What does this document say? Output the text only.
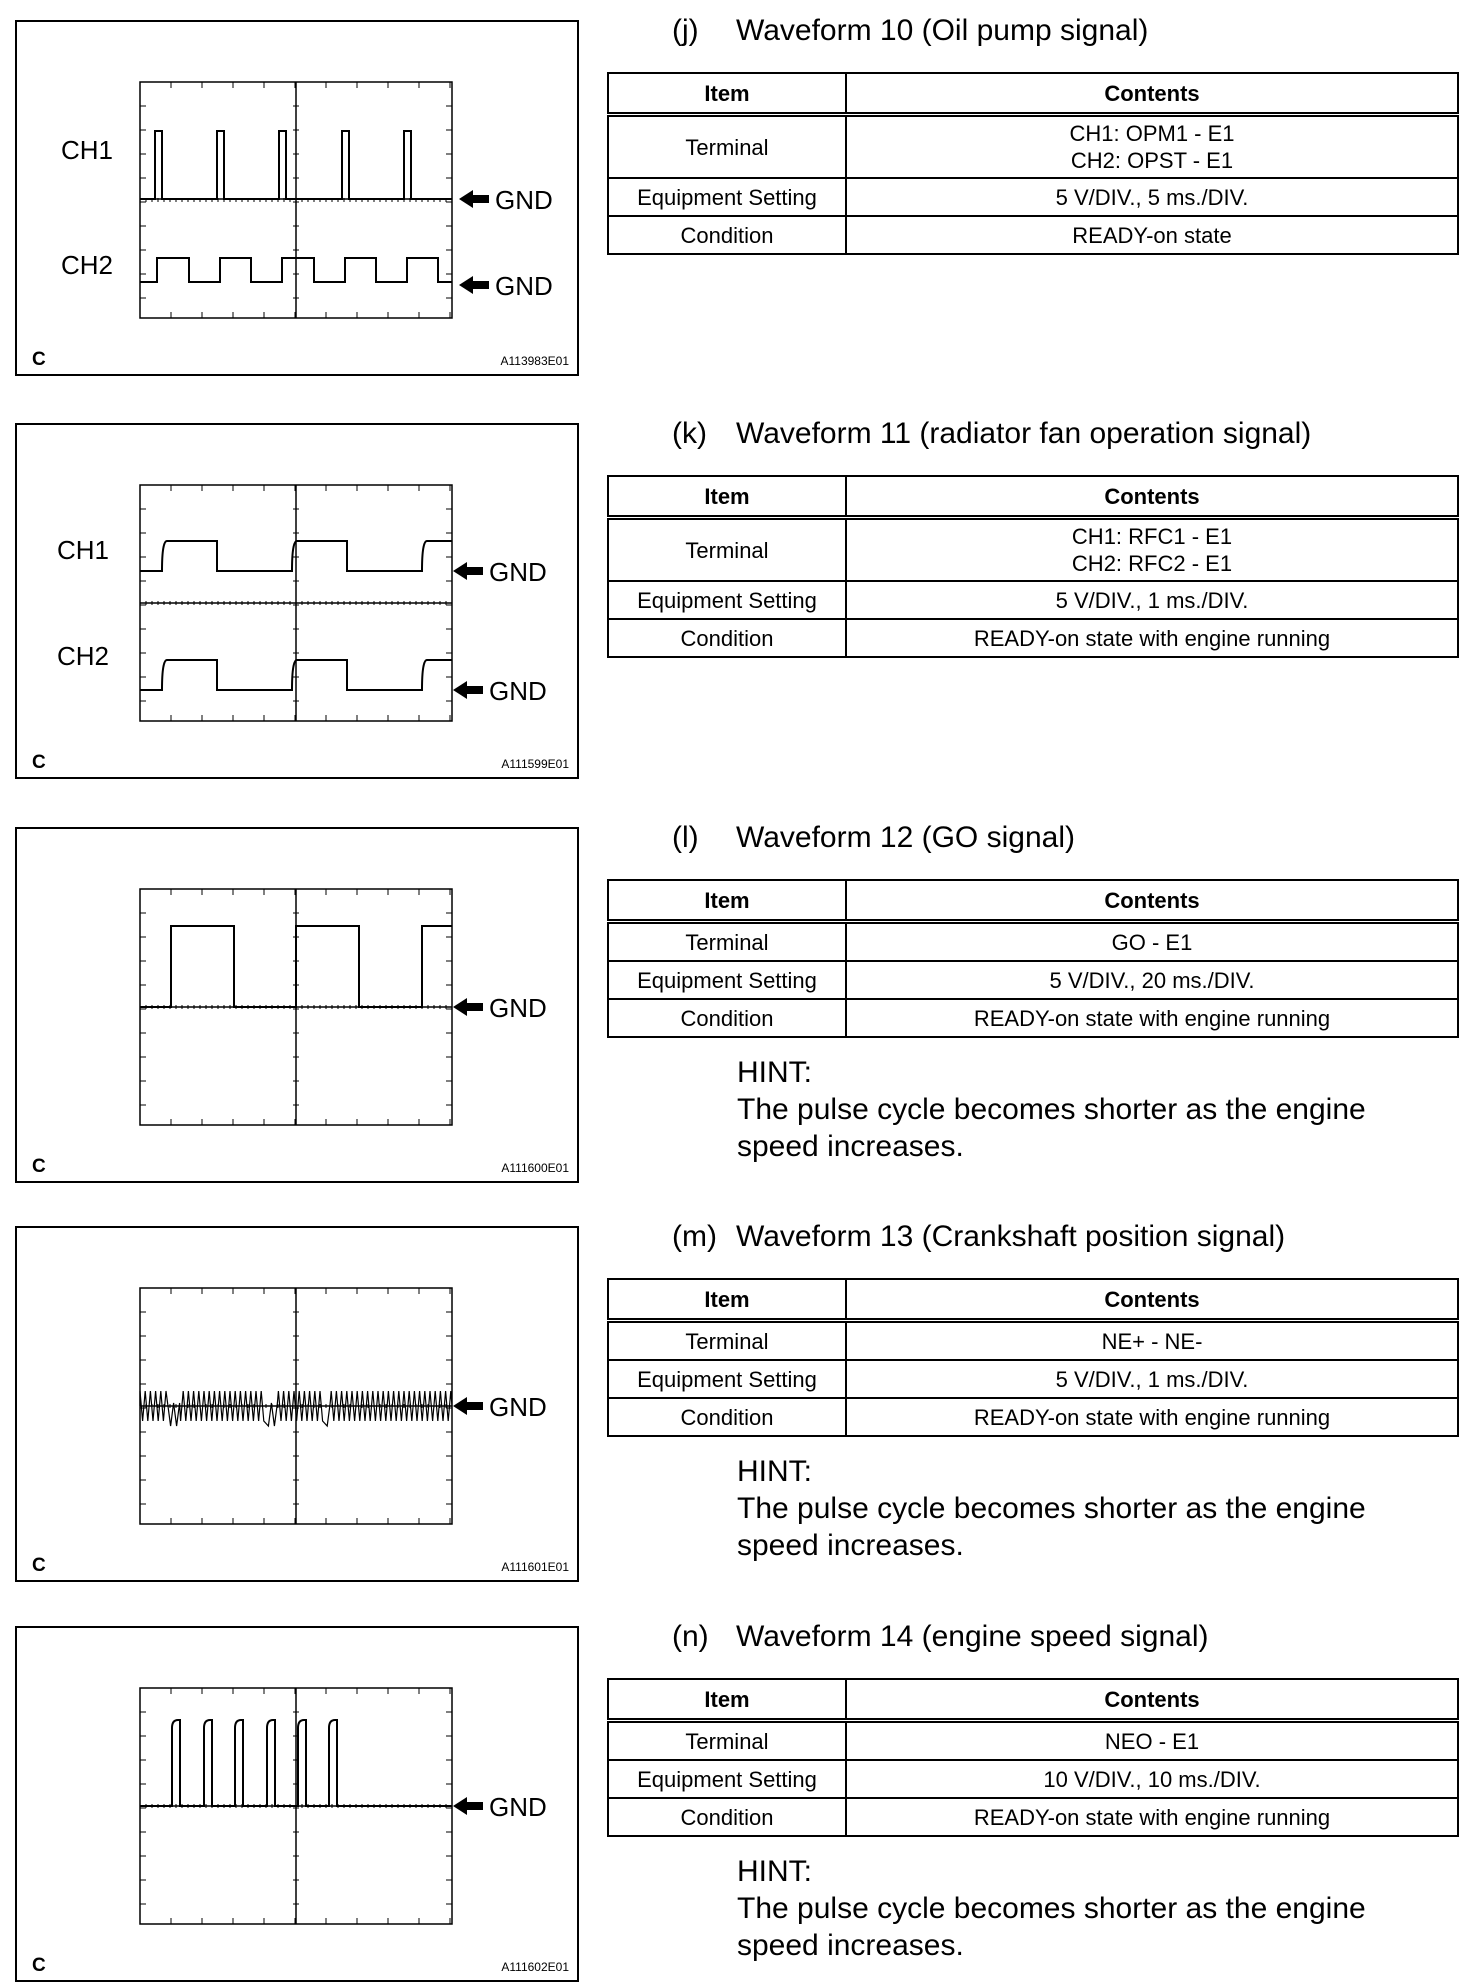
CH1
CH2
GND
GND
C	A113983E01
(j) Waveform 10 (Oil pump signal)
Item	Contents
Terminal	CH1: OPM1 - E1
CH2: OPST - E1

Equipment Setting	5 V/DIV., 5 ms./DIV.
Condition	READY-on state
CH1
CH2
GND
GND
C	A111599E01
(k) Waveform 11 (radiator fan operation signal)
Item	Contents
Terminal	CH1: RFC1 - E1
CH2: RFC2 - E1

Equipment Setting	5 V/DIV., 1 ms./DIV.
Condition	READY-on state with engine running
GND
C	A111600E01
(l) Waveform 12 (GO signal)
Item	Contents
Terminal	GO - E1
Equipment Setting	5 V/DIV., 20 ms./DIV.
Condition	READY-on state with engine running
HINT:
The pulse cycle becomes shorter as the engine
speed increases.
GND
C	A111601E01
(m) Waveform 13 (Crankshaft position signal)
Item	Contents
Terminal	NE+ - NE-
Equipment Setting	5 V/DIV., 1 ms./DIV.
Condition	READY-on state with engine running
HINT:
The pulse cycle becomes shorter as the engine
speed increases.
GND
C	A111602E01
(n) Waveform 14 (engine speed signal)
Item	Contents
Terminal	NEO - E1
Equipment Setting	10 V/DIV., 10 ms./DIV.
Condition	READY-on state with engine running
HINT:
The pulse cycle becomes shorter as the engine
speed increases.
